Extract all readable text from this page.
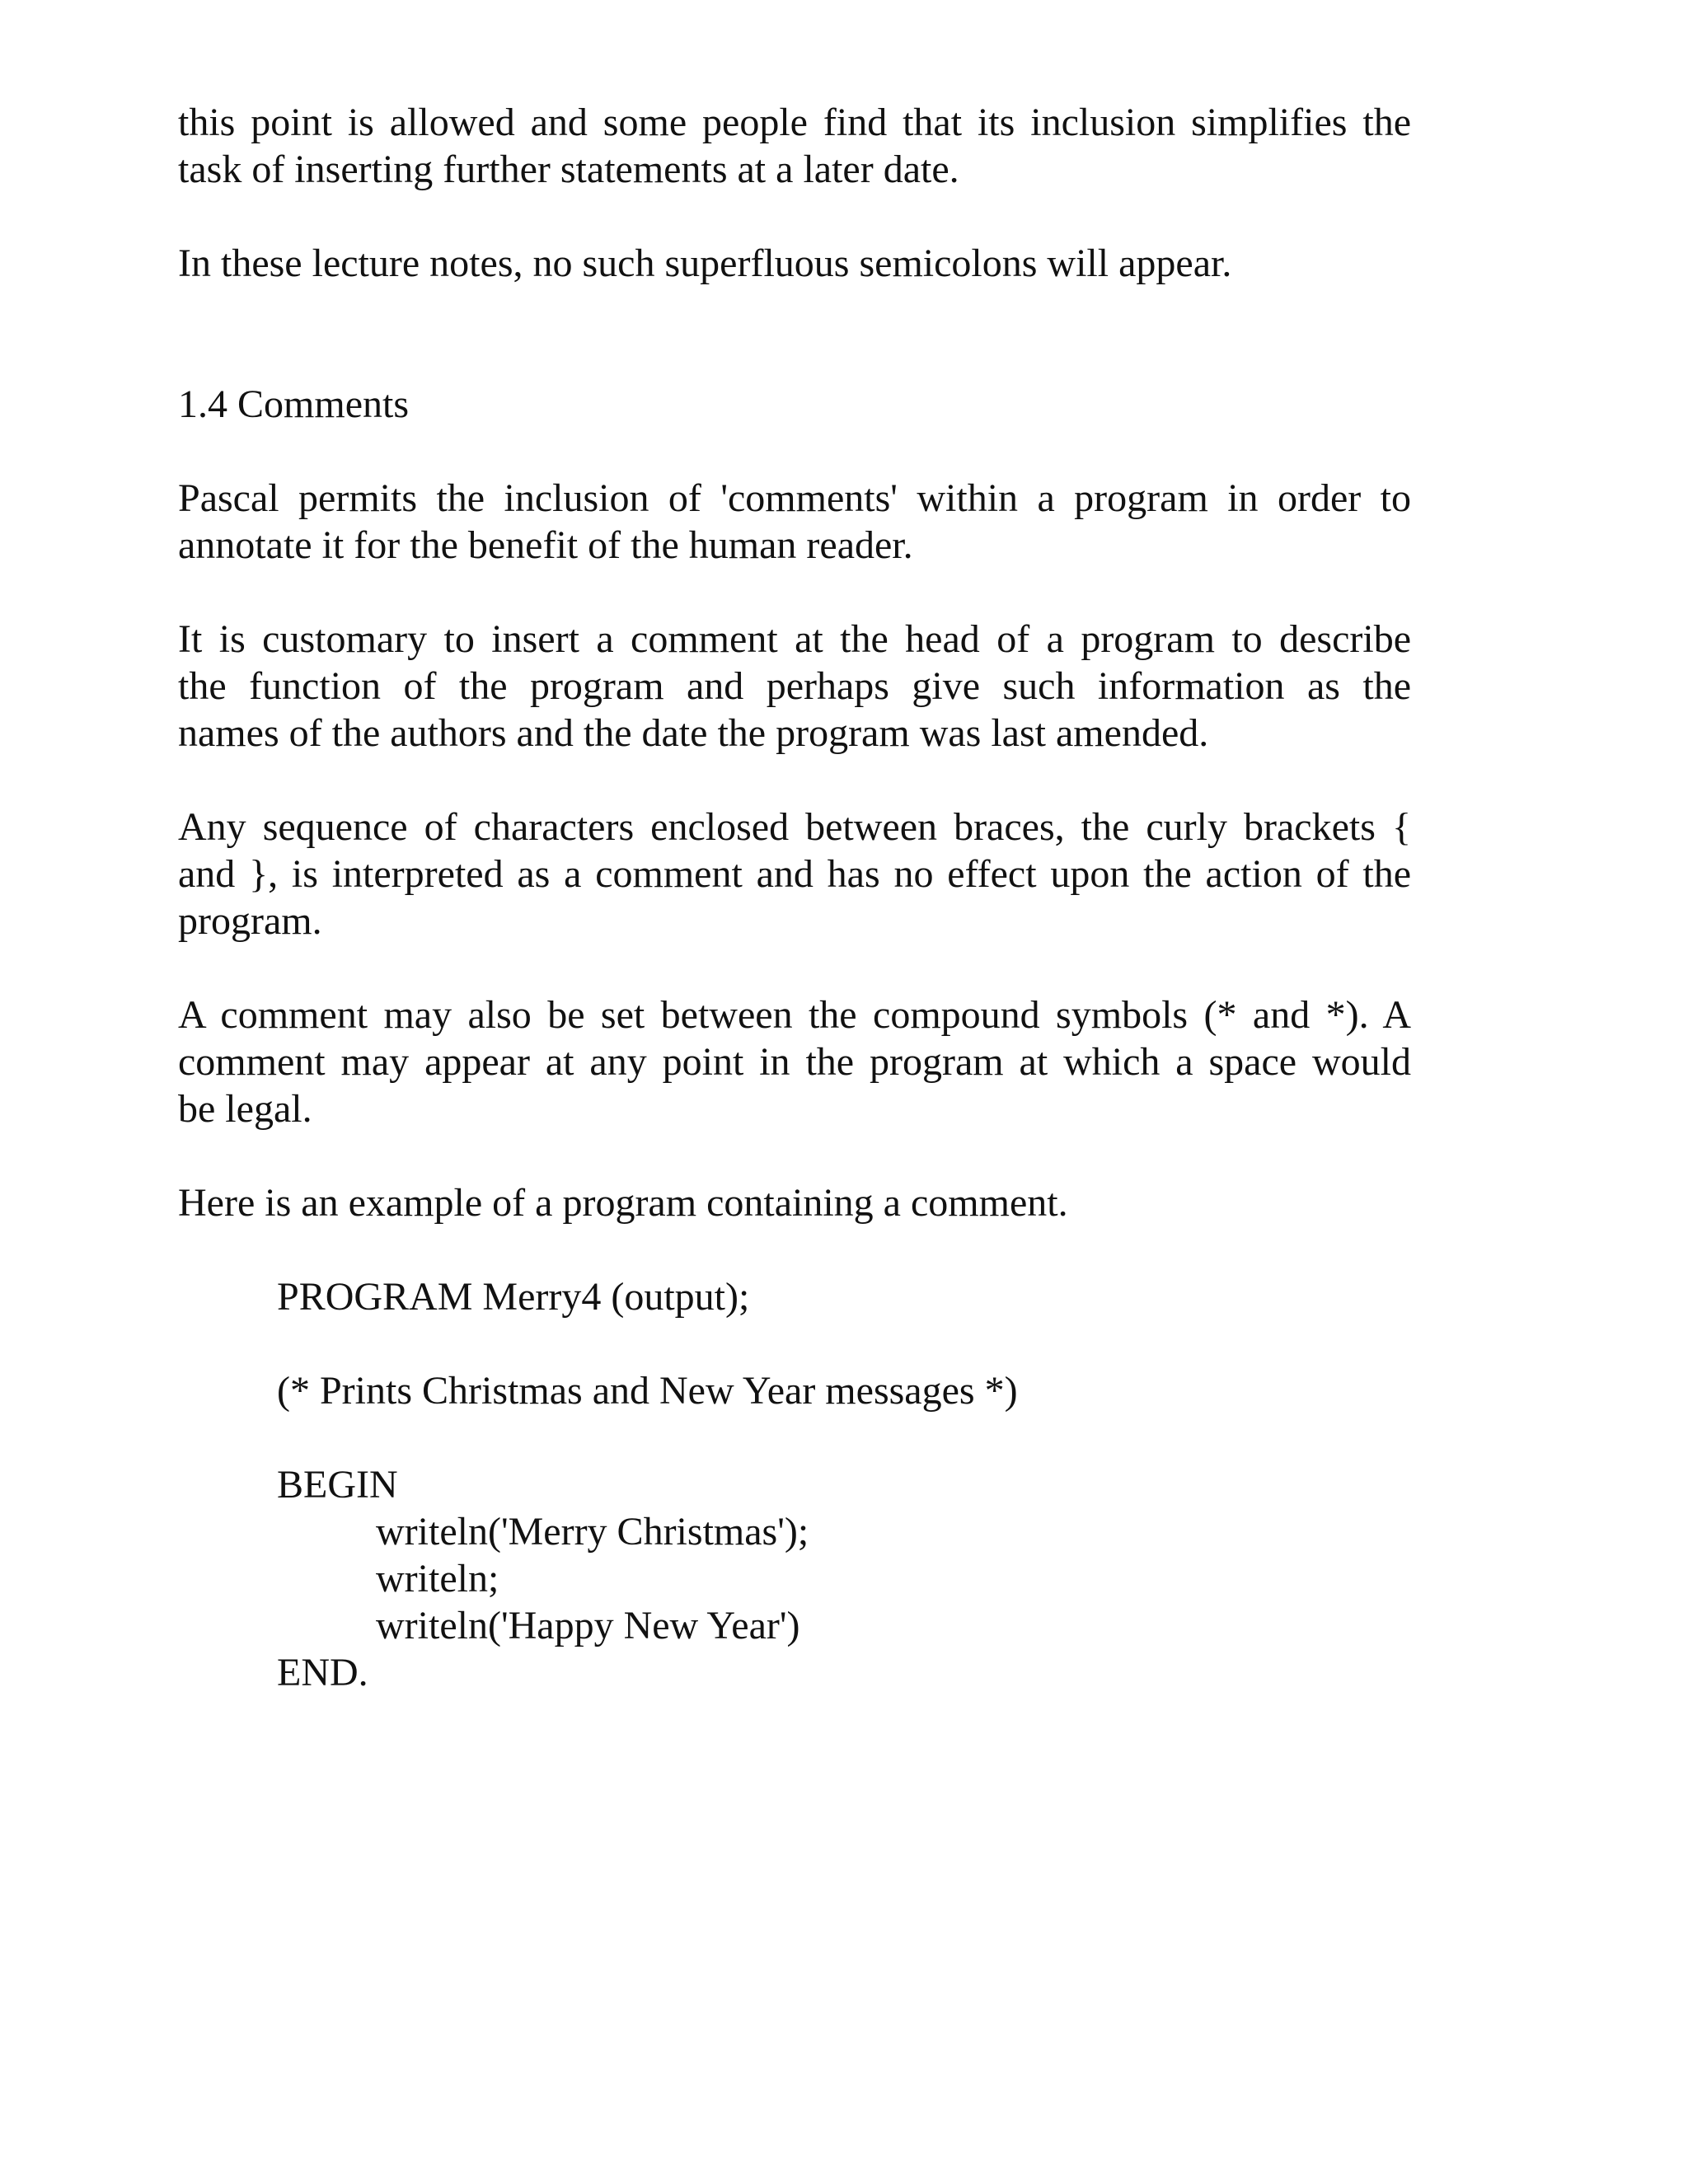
this point is allowed and some people find that its inclusion simplifies the
task of inserting further statements at a later date.
In these lecture notes, no such superfluous semicolons will appear.
1.4 Comments
Pascal permits the inclusion of 'comments' within a program in order to
annotate it for the benefit of the human reader.
It is customary to insert a comment at the head of a program to describe
the function of the program and perhaps give such information as the
names of the authors and the date the program was last amended.
Any sequence of characters enclosed between braces, the curly brackets {
and }, is interpreted as a comment and has no effect upon the action of the
program.
A comment may also be set between the compound symbols (* and *). A
comment may appear at any point in the program at which a space would
be legal.
Here is an example of a program containing a comment.
PROGRAM Merry4 (output);
(* Prints Christmas and New Year messages *)
BEGIN
writeln('Merry Christmas');
writeln;
writeln('Happy New Year')
END.
